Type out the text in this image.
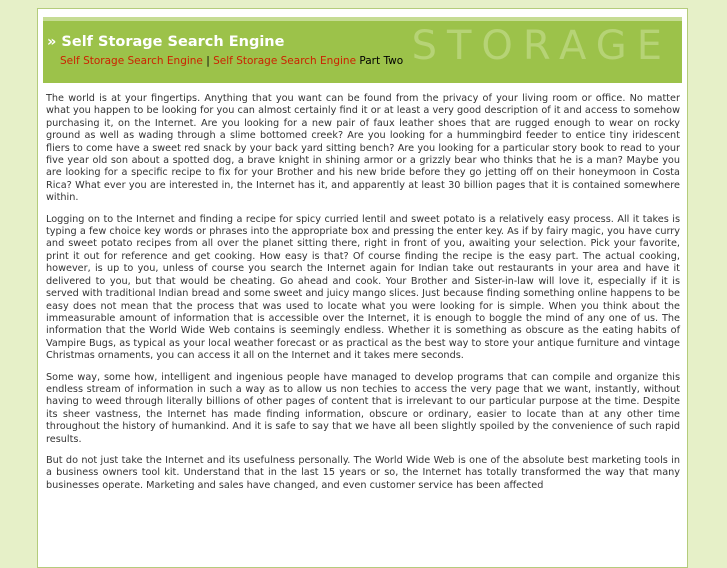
STORAGE
» Self Storage Search Engine
Self Storage Search Engine | Self Storage Search Engine Part Two

The world is at your fingertips. Anything that you want can be found from the privacy of your living room or office. No matter what you happen to be looking for you can almost certainly find it or at least a very good description of it and access to somehow purchasing it, on the Internet. Are you looking for a new pair of faux leather shoes that are rugged enough to wear on rocky ground as well as wading through a slime bottomed creek? Are you looking for a hummingbird feeder to entice tiny iridescent fliers to come have a sweet red snack by your back yard sitting bench? Are you looking for a particular story book to read to your five year old son about a spotted dog, a brave knight in shining armor or a grizzly bear who thinks that he is a man? Maybe you are looking for a specific recipe to fix for your Brother and his new bride before they go jetting off on their honeymoon in Costa Rica? What ever you are interested in, the Internet has it, and apparently at least 30 billion pages that it is contained somewhere within.

Logging on to the Internet and finding a recipe for spicy curried lentil and sweet potato is a relatively easy process. All it takes is typing a few choice key words or phrases into the appropriate box and pressing the enter key. As if by fairy magic, you have curry and sweet potato recipes from all over the planet sitting there, right in front of you, awaiting your selection. Pick your favorite, print it out for reference and get cooking. How easy is that? Of course finding the recipe is the easy part. The actual cooking, however, is up to you, unless of course you search the Internet again for Indian take out restaurants in your area and have it delivered to you, but that would be cheating. Go ahead and cook. Your Brother and Sister-in-law will love it, especially if it is served with traditional Indian bread and some sweet and juicy mango slices. Just because finding something online happens to be easy does not mean that the process that was used to locate what you were looking for is simple. When you think about the immeasurable amount of information that is accessible over the Internet, it is enough to boggle the mind of any one of us. The information that the World Wide Web contains is seemingly endless. Whether it is something as obscure as the eating habits of Vampire Bugs, as typical as your local weather forecast or as practical as the best way to store your antique furniture and vintage Christmas ornaments, you can access it all on the Internet and it takes mere seconds.

Some way, some how, intelligent and ingenious people have managed to develop programs that can compile and organize this endless stream of information in such a way as to allow us non techies to access the very page that we want, instantly, without having to weed through literally billions of other pages of content that is irrelevant to our particular purpose at the time. Despite its sheer vastness, the Internet has made finding information, obscure or ordinary, easier to locate than at any other time throughout the history of humankind. And it is safe to say that we have all been slightly spoiled by the convenience of such rapid results.

But do not just take the Internet and its usefulness personally. The World Wide Web is one of the absolute best marketing tools in a business owners tool kit. Understand that in the last 15 years or so, the Internet has totally transformed the way that many businesses operate. Marketing and sales have changed, and even customer service has been affected
